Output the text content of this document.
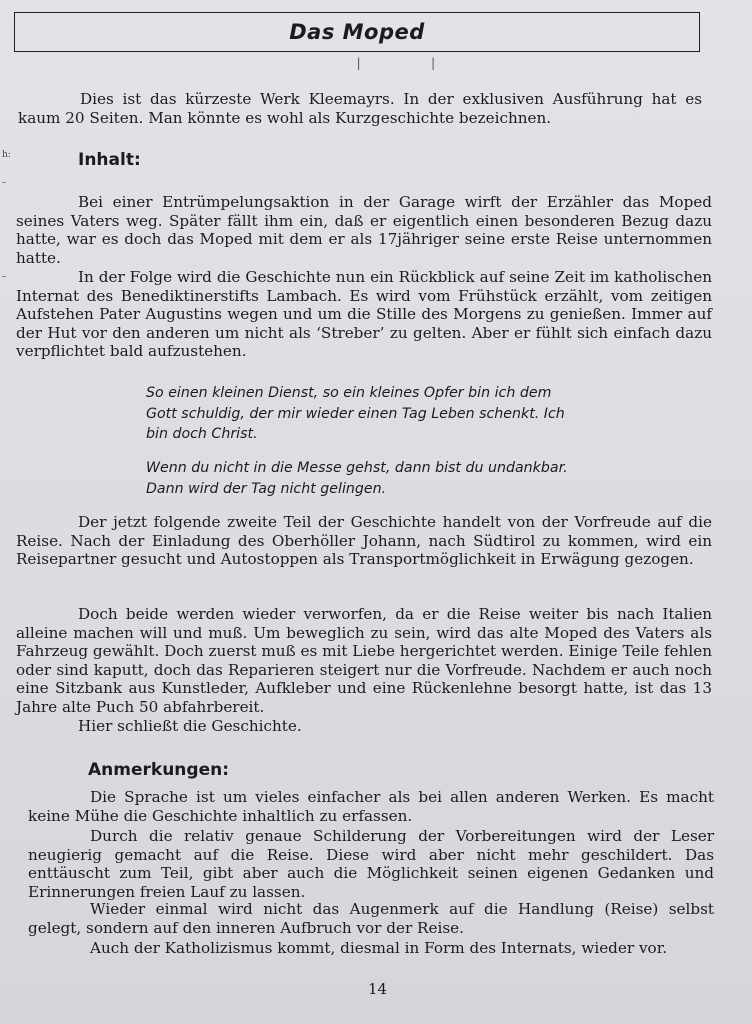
Das Moped
| |
h:
–
–
Dies ist das kürzeste Werk Kleemayrs. In der exklusiven Ausführung hat es kaum 20 Seiten. Man könnte es wohl als Kurzgeschichte bezeichnen.
Inhalt:
Bei einer Entrümpelungsaktion in der Garage wirft der Erzähler das Moped seines Vaters weg. Später fällt ihm ein, daß er eigentlich einen besonderen Bezug dazu hatte, war es doch das Moped mit dem er als 17jähriger seine erste Reise unternommen hatte.
In der Folge wird die Geschichte nun ein Rückblick auf seine Zeit im katholischen Internat des Benediktinerstifts Lambach. Es wird vom Frühstück erzählt, vom zeitigen Aufstehen Pater Augustins wegen und um die Stille des Morgens zu genießen. Immer auf der Hut vor den anderen um nicht als ‘Streber’ zu gelten. Aber er fühlt sich einfach dazu verpflichtet bald aufzustehen.
So einen kleinen Dienst, so ein kleines Opfer bin ich dem Gott schuldig, der mir wieder einen Tag Leben schenkt. Ich bin doch Christ.
Wenn du nicht in die Messe gehst, dann bist du undankbar. Dann wird der Tag nicht gelingen.
Der jetzt folgende zweite Teil der Geschichte handelt von der Vorfreude auf die Reise. Nach der Einladung des Oberhöller Johann, nach Südtirol zu kommen, wird ein Reisepartner gesucht und Autostoppen als Transportmöglichkeit in Erwägung gezogen.
Doch beide werden wieder verworfen, da er die Reise weiter bis nach Italien alleine machen will und muß. Um beweglich zu sein, wird das alte Moped des Vaters als Fahrzeug gewählt. Doch zuerst muß es mit Liebe hergerichtet werden. Einige Teile fehlen oder sind kaputt, doch das Reparieren steigert nur die Vorfreude. Nachdem er auch noch eine Sitzbank aus Kunstleder, Aufkleber und eine Rückenlehne besorgt hatte, ist das 13 Jahre alte Puch 50 abfahrbereit.
Hier schließt die Geschichte.
Anmerkungen:
Die Sprache ist um vieles einfacher als bei allen anderen Werken. Es macht keine Mühe die Geschichte inhaltlich zu erfassen.
Durch die relativ genaue Schilderung der Vorbereitungen wird der Leser neugierig gemacht auf die Reise. Diese wird aber nicht mehr geschildert. Das enttäuscht zum Teil, gibt aber auch die Möglichkeit seinen eigenen Gedanken und Erinnerungen freien Lauf zu lassen.
Wieder einmal wird nicht das Augenmerk auf die Handlung (Reise) selbst gelegt, sondern auf den inneren Aufbruch vor der Reise.
Auch der Katholizismus kommt, diesmal in Form des Internats, wieder vor.
14
